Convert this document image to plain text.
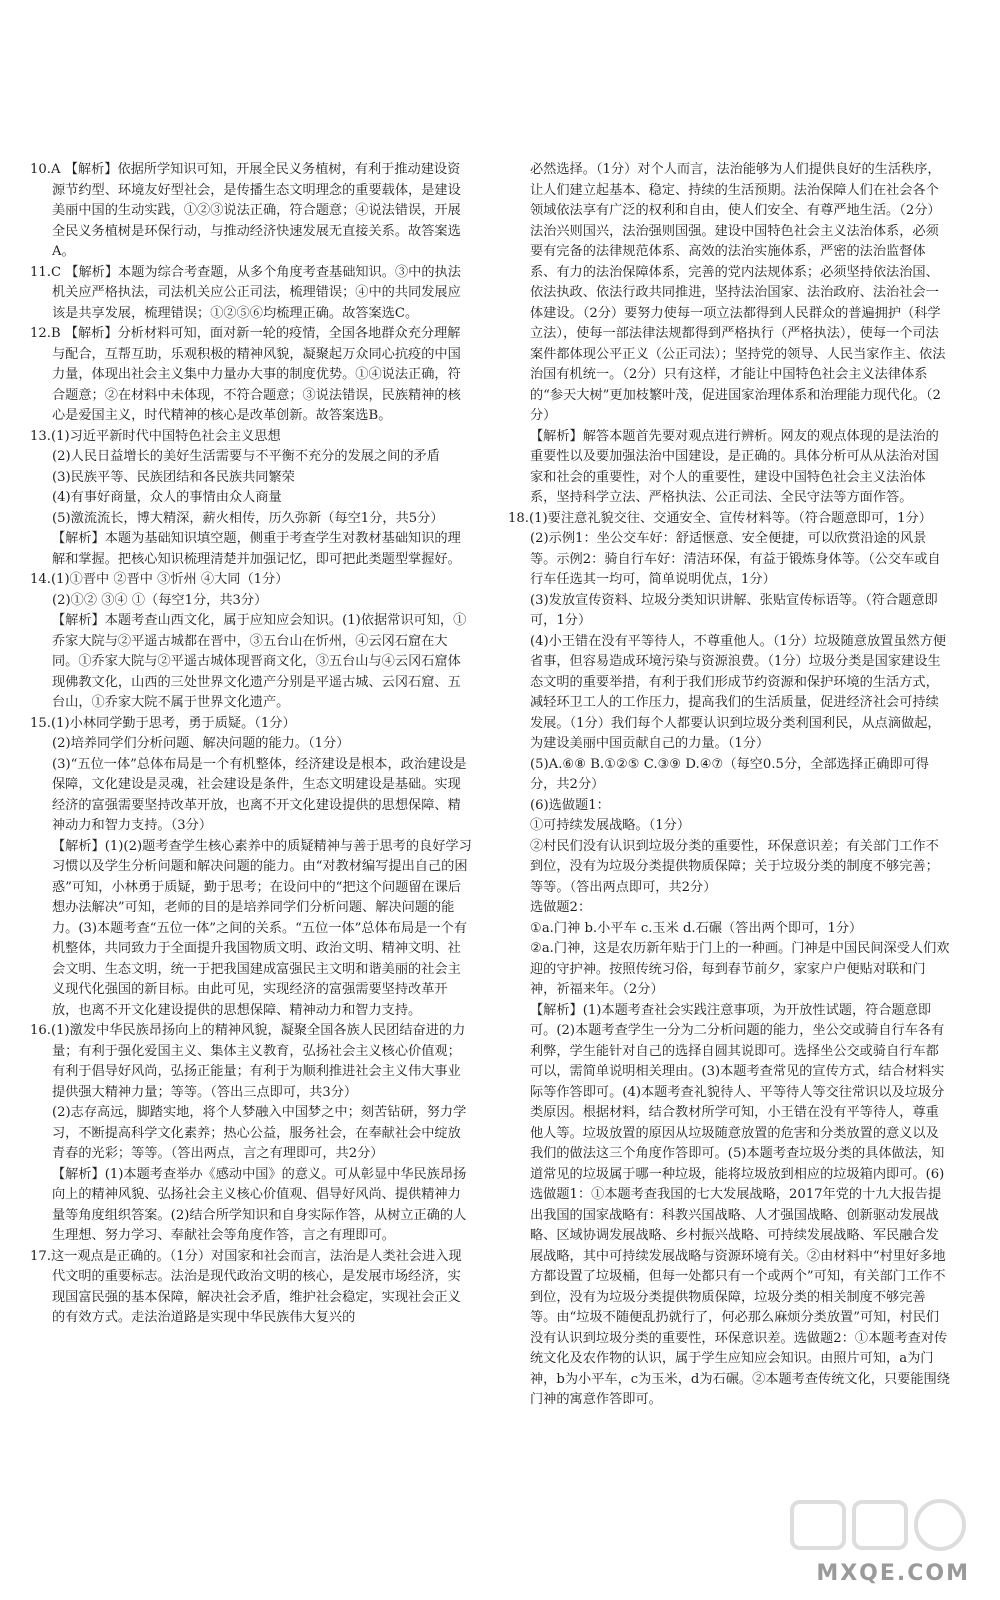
10.A 【解析】依据所学知识可知，开展全民义务植树，有利于推动建设资源节约型、环境友好型社会，是传播生态文明理念的重要载体，是建设美丽中国的生动实践，①②③说法正确，符合题意；④说法错误，开展全民义务植树是环保行动，与推动经济快速发展无直接关系。故答案选A。

11.C 【解析】本题为综合考查题，从多个角度考查基础知识。③中的执法机关应严格执法，司法机关应公正司法，梳理错误；④中的共同发展应该是共享发展，梳理错误；①②⑤⑥均梳理正确。故答案选C。

12.B 【解析】分析材料可知，面对新一轮的疫情，全国各地群众充分理解与配合，互帮互助，乐观积极的精神风貌，凝聚起万众同心抗疫的中国力量，体现出社会主义集中力量办大事的制度优势。①④说法正确，符合题意；②在材料中未体现，不符合题意；③说法错误，民族精神的核心是爱国主义，时代精神的核心是改革创新。故答案选B。

13.(1)习近平新时代中国特色社会主义思想

(2)人民日益增长的美好生活需要与不平衡不充分的发展之间的矛盾

(3)民族平等、民族团结和各民族共同繁荣

(4)有事好商量，众人的事情由众人商量

(5)激流流长，博大精深，薪火相传，历久弥新（每空1分，共5分）

【解析】本题为基础知识填空题，侧重于考查学生对教材基础知识的理解和掌握。把核心知识梳理清楚并加强记忆，即可把此类题型掌握好。

14.(1)①晋中 ②晋中 ③忻州 ④大同（1分）

(2)①② ③④ ①（每空1分，共3分）

【解析】本题考查山西文化，属于应知应会知识。(1)依据常识可知，①乔家大院与②平遥古城都在晋中，③五台山在忻州，④云冈石窟在大同。①乔家大院与②平遥古城体现晋商文化，③五台山与④云冈石窟体现佛教文化，山西的三处世界文化遗产分别是平遥古城、云冈石窟、五台山，①乔家大院不属于世界文化遗产。

15.(1)小林同学勤于思考，勇于质疑。（1分）

(2)培养同学们分析问题、解决问题的能力。（1分）

(3)“五位一体”总体布局是一个有机整体，经济建设是根本，政治建设是保障，文化建设是灵魂，社会建设是条件，生态文明建设是基础。实现经济的富强需要坚持改革开放，也离不开文化建设提供的思想保障、精神动力和智力支持。（3分）

【解析】(1)(2)题考查学生核心素养中的质疑精神与善于思考的良好学习习惯以及学生分析问题和解决问题的能力。由“对教材编写提出自己的困惑”可知，小林勇于质疑，勤于思考；在设问中的“把这个问题留在课后想办法解决”可知，老师的目的是培养同学们分析问题、解决问题的能力。(3)本题考查“五位一体”之间的关系。“五位一体”总体布局是一个有机整体，共同致力于全面提升我国物质文明、政治文明、精神文明、社会文明、生态文明，统一于把我国建成富强民主文明和谐美丽的社会主义现代化强国的新目标。由此可见，实现经济的富强需要坚持改革开放，也离不开文化建设提供的思想保障、精神动力和智力支持。

16.(1)激发中华民族昂扬向上的精神风貌，凝聚全国各族人民团结奋进的力量；有利于强化爱国主义、集体主义教育，弘扬社会主义核心价值观；有利于倡导好风尚，弘扬正能量；有利于为顺利推进社会主义伟大事业提供强大精神力量；等等。（答出三点即可，共3分）

(2)志存高远，脚踏实地，将个人梦融入中国梦之中；刻苦钻研，努力学习，不断提高科学文化素养；热心公益，服务社会，在奉献社会中绽放青春的光彩；等等。（答出两点，言之有理即可，共2分）

【解析】(1)本题考查举办《感动中国》的意义。可从彰显中华民族昂扬向上的精神风貌、弘扬社会主义核心价值观、倡导好风尚、提供精神力量等角度组织答案。(2)结合所学知识和自身实际作答，从树立正确的人生理想、努力学习、奉献社会等角度作答，言之有理即可。

17.这一观点是正确的。（1分）对国家和社会而言，法治是人类社会进入现代文明的重要标志。法治是现代政治文明的核心，是发展市场经济，实现国富民强的基本保障，解决社会矛盾，维护社会稳定，实现社会正义的有效方式。走法治道路是实现中华民族伟大复兴的

必然选择。（1分）对个人而言，法治能够为人们提供良好的生活秩序，让人们建立起基本、稳定、持续的生活预期。法治保障人们在社会各个领域依法享有广泛的权利和自由，使人们安全、有尊严地生活。（2分）法治兴则国兴，法治强则国强。建设中国特色社会主义法治体系，必须要有完备的法律规范体系、高效的法治实施体系，严密的法治监督体系、有力的法治保障体系，完善的党内法规体系；必须坚持依法治国、依法执政、依法行政共同推进，坚持法治国家、法治政府、法治社会一体建设。（2分）要努力使每一项立法都得到人民群众的普遍拥护（科学立法），使每一部法律法规都得到严格执行（严格执法），使每一个司法案件都体现公平正义（公正司法）；坚持党的领导、人民当家作主、依法治国有机统一。（2分）只有这样，才能让中国特色社会主义法律体系的“参天大树”更加枝繁叶茂，促进国家治理体系和治理能力现代化。（2分）

【解析】解答本题首先要对观点进行辨析。网友的观点体现的是法治的重要性以及要加强法治中国建设，是正确的。具体分析可从从法治对国家和社会的重要性，对个人的重要性，建设中国特色社会主义法治体系，坚持科学立法、严格执法、公正司法、全民守法等方面作答。

18.(1)要注意礼貌交往、交通安全、宣传材料等。（符合题意即可，1分）

(2)示例1：坐公交车好：舒适惬意、安全便捷，可以欣赏沿途的风景等。示例2：骑自行车好：清洁环保，有益于锻炼身体等。（公交车或自行车任选其一均可，简单说明优点，1分）

(3)发放宣传资料、垃圾分类知识讲解、张贴宣传标语等。（符合题意即可，1分）

(4)小王错在没有平等待人，不尊重他人。（1分）垃圾随意放置虽然方便省事，但容易造成环境污染与资源浪费。（1分）垃圾分类是国家建设生态文明的重要举措，有利于我们形成节约资源和保护环境的生活方式，减轻环卫工人的工作压力，提高我们的生活质量，促进经济社会可持续发展。（1分）我们每个人都要认识到垃圾分类利国利民，从点滴做起，为建设美丽中国贡献自己的力量。（1分）

(5)A.⑥⑧ B.①②⑤ C.③⑨ D.④⑦（每空0.5分，全部选择正确即可得分，共2分）

(6)选做题1：

①可持续发展战略。（1分）

②村民们没有认识到垃圾分类的重要性，环保意识差；有关部门工作不到位，没有为垃圾分类提供物质保障；关于垃圾分类的制度不够完善；等等。（答出两点即可，共2分）

选做题2：

①a.门神 b.小平车 c.玉米 d.石碾（答出两个即可，1分）

②a.门神，这是农历新年贴于门上的一种画。门神是中国民间深受人们欢迎的守护神。按照传统习俗，每到春节前夕，家家户户便贴对联和门神，祈福来年。（2分）

【解析】(1)本题考查社会实践注意事项，为开放性试题，符合题意即可。(2)本题考查学生一分为二分析问题的能力，坐公交或骑自行车各有利弊，学生能针对自己的选择自圆其说即可。选择坐公交或骑自行车都可以，需简单说明相关理由。(3)本题考查常见的宣传方式，结合材料实际等作答即可。(4)本题考查礼貌待人、平等待人等交往常识以及垃圾分类原因。根据材料，结合教材所学可知，小王错在没有平等待人，尊重他人等。垃圾放置的原因从垃圾随意放置的危害和分类放置的意义以及我们的做法这三个角度作答即可。(5)本题考查垃圾分类的具体做法，知道常见的垃圾属于哪一种垃圾，能将垃圾放到相应的垃圾箱内即可。(6)选做题1：①本题考查我国的七大发展战略，2017年党的十九大报告提出我国的国家战略有：科教兴国战略、人才强国战略、创新驱动发展战略、区域协调发展战略、乡村振兴战略、可持续发展战略、军民融合发展战略，其中可持续发展战略与资源环境有关。②由材料中“村里好多地方都设置了垃圾桶，但每一处都只有一个或两个”可知，有关部门工作不到位，没有为垃圾分类提供物质保障，垃圾分类的相关制度不够完善等。由“垃圾不随便乱扔就行了，何必那么麻烦分类放置”可知，村民们没有认识到垃圾分类的重要性，环保意识差。选做题2：①本题考查对传统文化及农作物的认识，属于学生应知应会知识。由照片可知，a为门神，b为小平车，c为玉米，d为石碾。②本题考查传统文化，只要能围绕门神的寓意作答即可。

MXQE.COM
